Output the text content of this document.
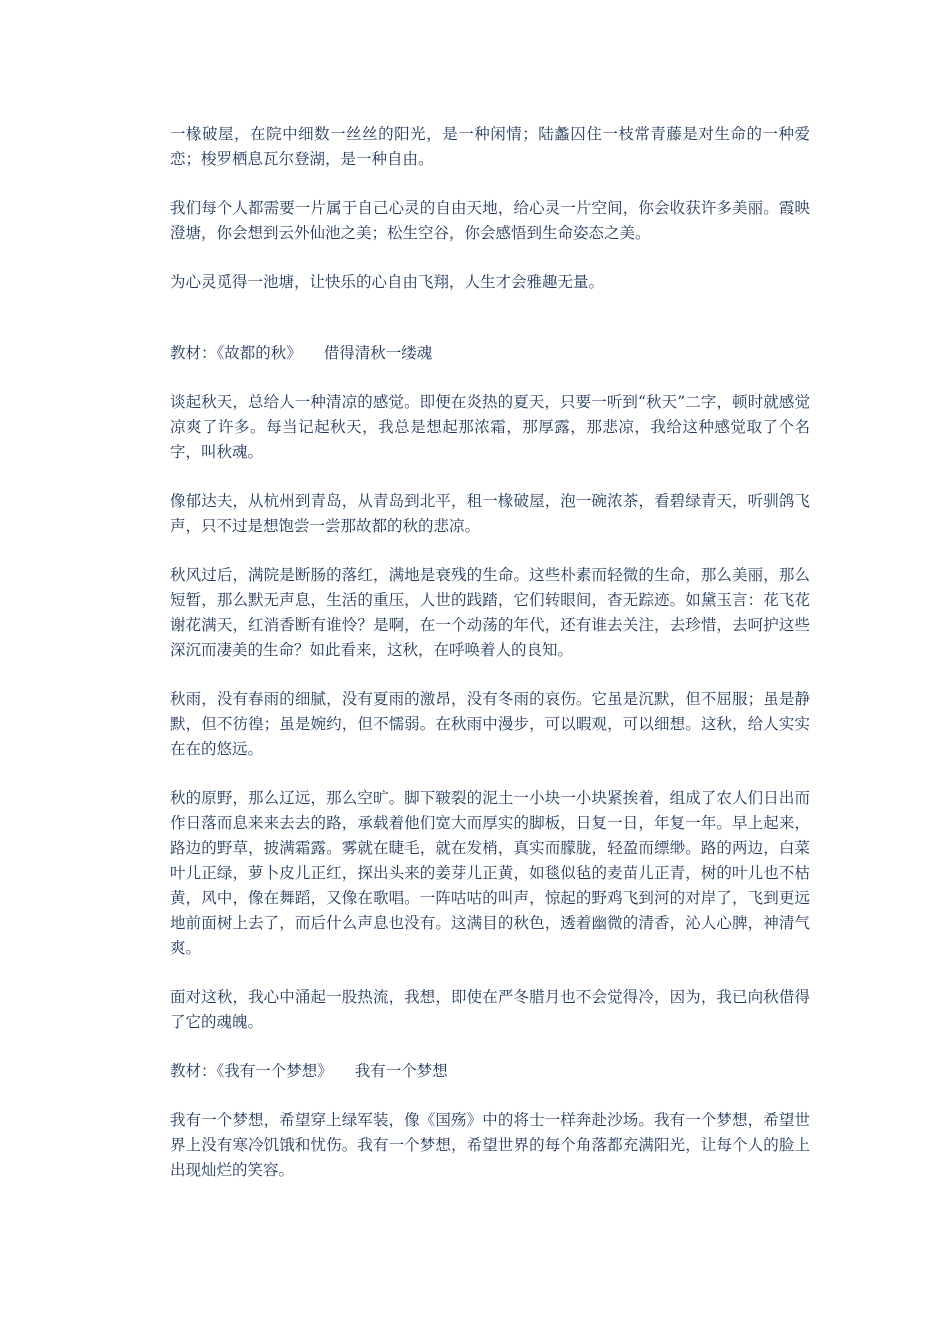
一椽破屋，在院中细数一丝丝的阳光，是一种闲情；陆蠡囚住一枝常青藤是对生命的一种爱恋；梭罗栖息瓦尔登湖，是一种自由。

我们每个人都需要一片属于自己心灵的自由天地，给心灵一片空间，你会收获许多美丽。霞映澄塘，你会想到云外仙池之美；松生空谷，你会感悟到生命姿态之美。

为心灵觅得一池塘，让快乐的心自由飞翔，人生才会雅趣无量。

教材：《故都的秋》 借得清秋一缕魂

谈起秋天，总给人一种清凉的感觉。即便在炎热的夏天，只要一听到“秋天”二字，顿时就感觉凉爽了许多。每当记起秋天，我总是想起那浓霜，那厚露，那悲凉，我给这种感觉取了个名字，叫秋魂。

像郁达夫，从杭州到青岛，从青岛到北平，租一椽破屋，泡一碗浓茶，看碧绿青天，听驯鸽飞声，只不过是想饱尝一尝那故都的秋的悲凉。

秋风过后，满院是断肠的落红，满地是衰残的生命。这些朴素而轻微的生命，那么美丽，那么短暂，那么默无声息，生活的重压，人世的践踏，它们转眼间，杳无踪迹。如黛玉言：花飞花谢花满天，红消香断有谁怜？是啊，在一个动荡的年代，还有谁去关注，去珍惜，去呵护这些深沉而凄美的生命？如此看来，这秋，在呼唤着人的良知。

秋雨，没有春雨的细腻，没有夏雨的激昂，没有冬雨的哀伤。它虽是沉默，但不屈服；虽是静默，但不彷徨；虽是婉约，但不懦弱。在秋雨中漫步，可以暇观，可以细想。这秋，给人实实在在的悠远。

秋的原野，那么辽远，那么空旷。脚下皲裂的泥土一小块一小块紧挨着，组成了农人们日出而作日落而息来来去去的路，承载着他们宽大而厚实的脚板，日复一日，年复一年。早上起来，路边的野草，披满霜露。雾就在睫毛，就在发梢，真实而朦胧，轻盈而缥缈。路的两边，白菜叶儿正绿，萝卜皮儿正红，探出头来的姜芽儿正黄，如毯似毡的麦苗儿正青，树的叶儿也不枯黄，风中，像在舞蹈，又像在歌唱。一阵咕咕的叫声，惊起的野鸡飞到河的对岸了，飞到更远地前面树上去了，而后什么声息也没有。这满目的秋色，透着幽微的清香，沁人心脾，神清气爽。

面对这秋，我心中涌起一股热流，我想，即使在严冬腊月也不会觉得冷，因为，我已向秋借得了它的魂魄。

教材：《我有一个梦想》 我有一个梦想

我有一个梦想，希望穿上绿军装，像《国殇》中的将士一样奔赴沙场。我有一个梦想，希望世界上没有寒冷饥饿和忧伤。我有一个梦想，希望世界的每个角落都充满阳光，让每个人的脸上出现灿烂的笑容。
